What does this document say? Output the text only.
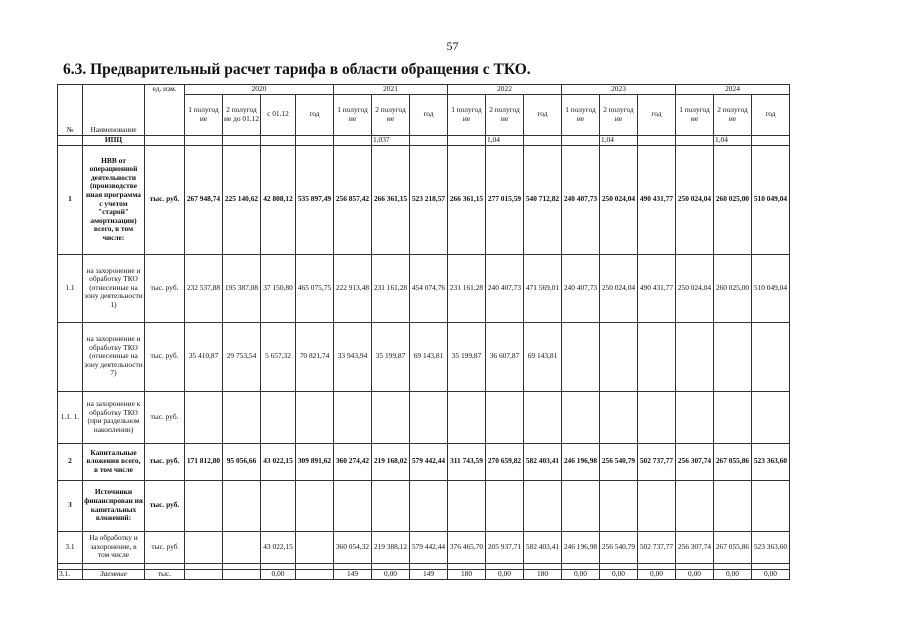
57
6.3. Предварительный расчет тарифа в области обращения с ТКО.
№	Наименование	ед. изм.	2020				2021			2022			2023			2024		
			1 полугод ие	2 полугод ие до 01.12	с 01.12	год	1 полугод ие	2 полугод ие	год	1 полугод ие	2 полугод ие	год	1 полугод ие	2 полугод ие	год	1 полугод ие	2 полугод ие	год
	ИПЦ							1,037			1,04			1,04			1,04	
1	НВВ от операционной деятельности (производстве нная программа с учетом "старой" амортизации) всего, в том числе:	тыс. руб.	267 948,74	225 140,62	42 808,12	535 897,49	256 857,42	266 361,15	523 218,57	266 361,15	277 015,59	540 712,82	240 407,73	250 024,04	490 431,77	250 024,04	260 025,00	510 049,04
1.1	на захоронение и обработку ТКО (отнесенные на зону деятельности 1)	тыс. руб.	232 537,88	195 387,08	37 150,80	465 075,75	222 913,48	231 161,28	454 074,76	231 161,28	240 407,73	471 569,01	240 407,73	250 024,04	490 431,77	250 024,04	260 025,00	510 049,04
	на захоронение и обработку ТКО (отнесенные на зону деятельности 7)	тыс. руб.	35 410,87	29 753,54	5 657,32	70 821,74	33 943,94	35 199,87	69 143,81	35 199,87	36 607,87	69 143,81						
1.1. 1.	на захоронение к обработку ТКО (при раздельном накоплении)	тыс. руб.																
2	Капитальные вложения всего, в том числе	тыс. руб.	171 812,80	95 056,66	43 022,15	309 891,62	360 274,42	219 168,02	579 442,44	311 743,59	270 659,82	582 403,41	246 196,98	256 540,79	502 737,77	256 307,74	267 055,86	523 363,60
3	Источники финансирован ия капитальных вложений:	тыс. руб.																
3.1	На обработку и захоронение, в том числе	тыс. руб			43 022,15		360 054,32	219 388,12	579 442,44	376 465,70	205 937,71	582 403,41	246 196,98	256 540,79	502 737,77	256 307,74	267 055,86	523 363,60

3.1.	Заемные	тыс.			0,00		149	0,00	149	180	0,00	180	0,00	0,00	0,00	0,00	0,00	0,00
